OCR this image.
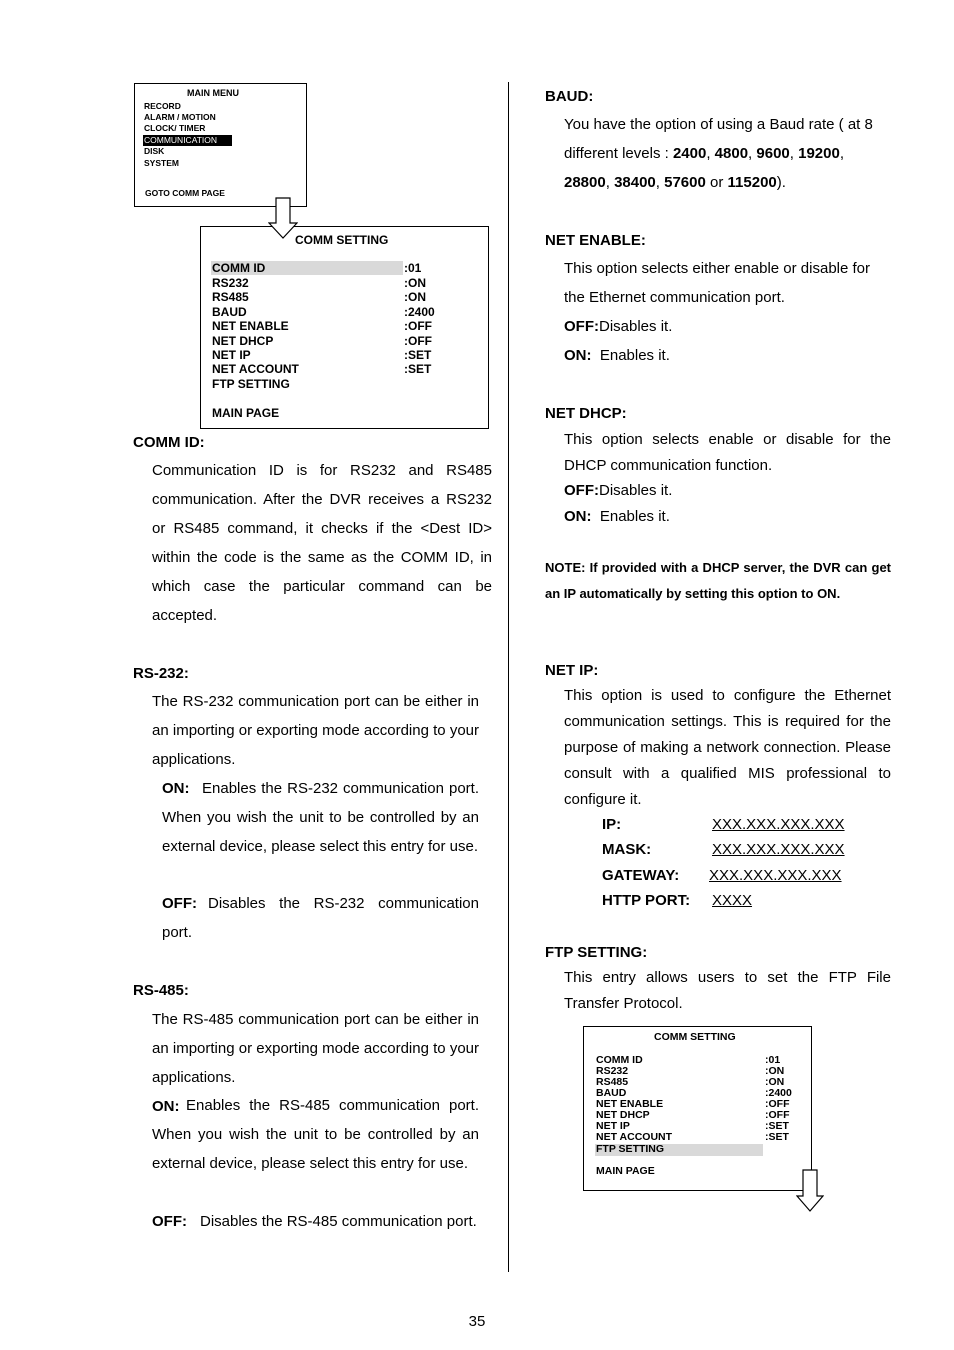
MAIN MENU
RECORD
ALARM / MOTION
CLOCK/ TIMER
COMMUNICATION
DISK
SYSTEM
GOTO COMM PAGE
COMM SETTING
COMM ID	:01
RS232	:ON
RS485	:ON
BAUD	:2400
NET ENABLE	:OFF
NET DHCP	:OFF
NET IP	:SET
NET ACCOUNT	:SET
FTP SETTING
MAIN PAGE
COMM ID:
Communication ID is for RS232 and RS485 communication. After the DVR receives a RS232 or RS485 command, it checks if the <Dest ID> within the code is the same as the COMM ID, in which case the particular command can be accepted.
RS-232:
The RS-232 communication port can be either in an importing or exporting mode according to your applications.
ON: Enables the RS-232 communication port. When you wish the unit to be controlled by an external device, please select this entry for use.
OFF: Disables the RS-232 communication port.
RS-485:
The RS-485 communication port can be either in an importing or exporting mode according to your applications.
ON: Enables the RS-485 communication port. When you wish the unit to be controlled by an external device, please select this entry for use.
OFF: Disables the RS-485 communication port.
BAUD:
You have the option of using a Baud rate ( at 8 different levels : 2400, 4800, 9600, 19200, 28800, 38400, 57600 or 115200).
NET ENABLE:
This option selects either enable or disable for the Ethernet communication port.
OFF:Disables it.
ON: Enables it.
NET DHCP:
This option selects enable or disable for the DHCP communication function.
OFF:Disables it.
ON: Enables it.
NOTE: If provided with a DHCP server, the DVR can get an IP automatically by setting this option to ON.
NET IP:
This option is used to configure the Ethernet communication settings. This is required for the purpose of making a network connection. Please consult with a qualified MIS professional to configure it.
IP:	XXX.XXX.XXX.XXX
MASK:	XXX.XXX.XXX.XXX
GATEWAY: XXX.XXX.XXX.XXX
HTTP PORT: XXXX
FTP SETTING:
This entry allows users to set the FTP File Transfer Protocol.
COMM SETTING
COMM ID	:01
RS232	:ON
RS485	:ON
BAUD	:2400
NET ENABLE	:OFF
NET DHCP	:OFF
NET IP	:SET
NET ACCOUNT	:SET
FTP SETTING
MAIN PAGE
35
